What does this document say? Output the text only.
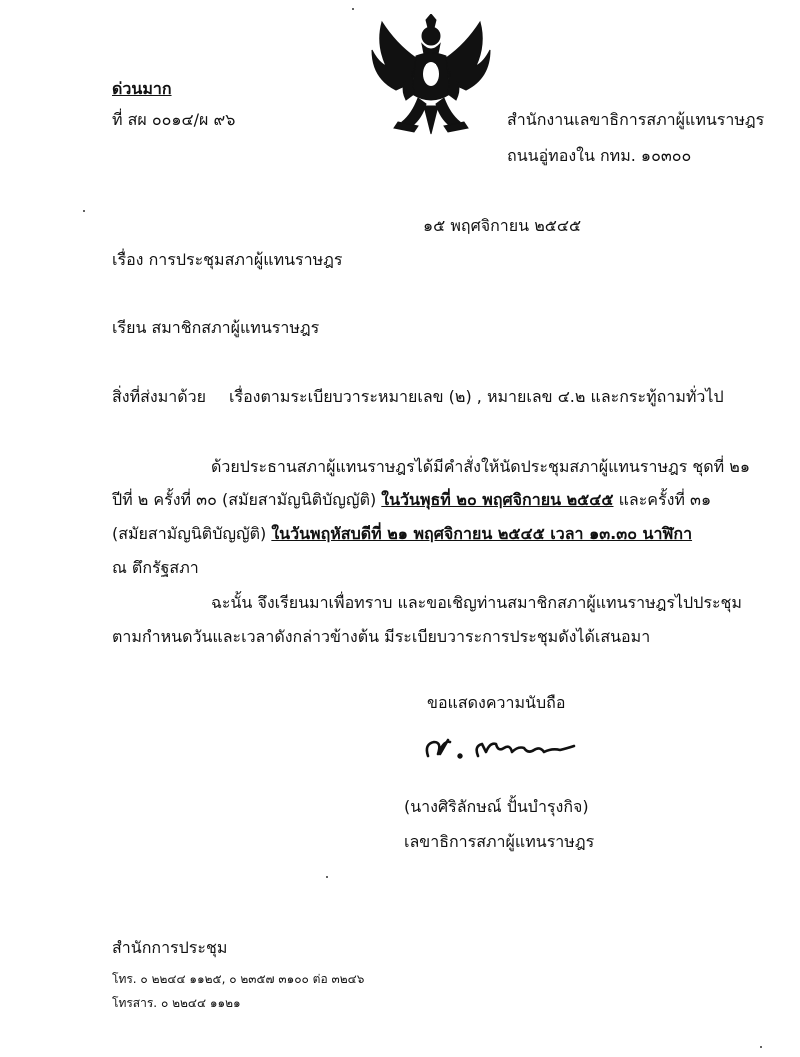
ด่วนมาก
ที่ สผ ๐๐๑๔/ผ ๙๖	สำนักงานเลขาธิการสภาผู้แทนราษฎร
ถนนอู่ทองใน กทม. ๑๐๓๐๐
๑๕ พฤศจิกายน ๒๕๔๕
เรื่อง การประชุมสภาผู้แทนราษฎร
เรียน สมาชิกสภาผู้แทนราษฎร
สิ่งที่ส่งมาด้วย เรื่องตามระเบียบวาระหมายเลข (๒) , หมายเลข ๔.๒ และกระทู้ถามทั่วไป
ด้วยประธานสภาผู้แทนราษฎรได้มีคำสั่งให้นัดประชุมสภาผู้แทนราษฎร ชุดที่ ๒๑
ปีที่ ๒ ครั้งที่ ๓๐ (สมัยสามัญนิติบัญญัติ) ในวันพุธที่ ๒๐ พฤศจิกายน ๒๕๔๕ และครั้งที่ ๓๑
(สมัยสามัญนิติบัญญัติ) ในวันพฤหัสบดีที่ ๒๑ พฤศจิกายน ๒๕๔๕ เวลา ๑๓.๓๐ นาฬิกา
ณ ตึกรัฐสภา
ฉะนั้น จึงเรียนมาเพื่อทราบ และขอเชิญท่านสมาชิกสภาผู้แทนราษฎรไปประชุม
ตามกำหนดวันและเวลาดังกล่าวข้างต้น มีระเบียบวาระการประชุมดังได้เสนอมา
ขอแสดงความนับถือ
(นางศิริลักษณ์ ปั้นบำรุงกิจ)
เลขาธิการสภาผู้แทนราษฎร
สำนักการประชุม
โทร. ๐ ๒๒๔๔ ๑๑๒๕, ๐ ๒๓๕๗ ๓๑๐๐ ต่อ ๓๒๔๖
โทรสาร. ๐ ๒๒๔๔ ๑๑๒๑
